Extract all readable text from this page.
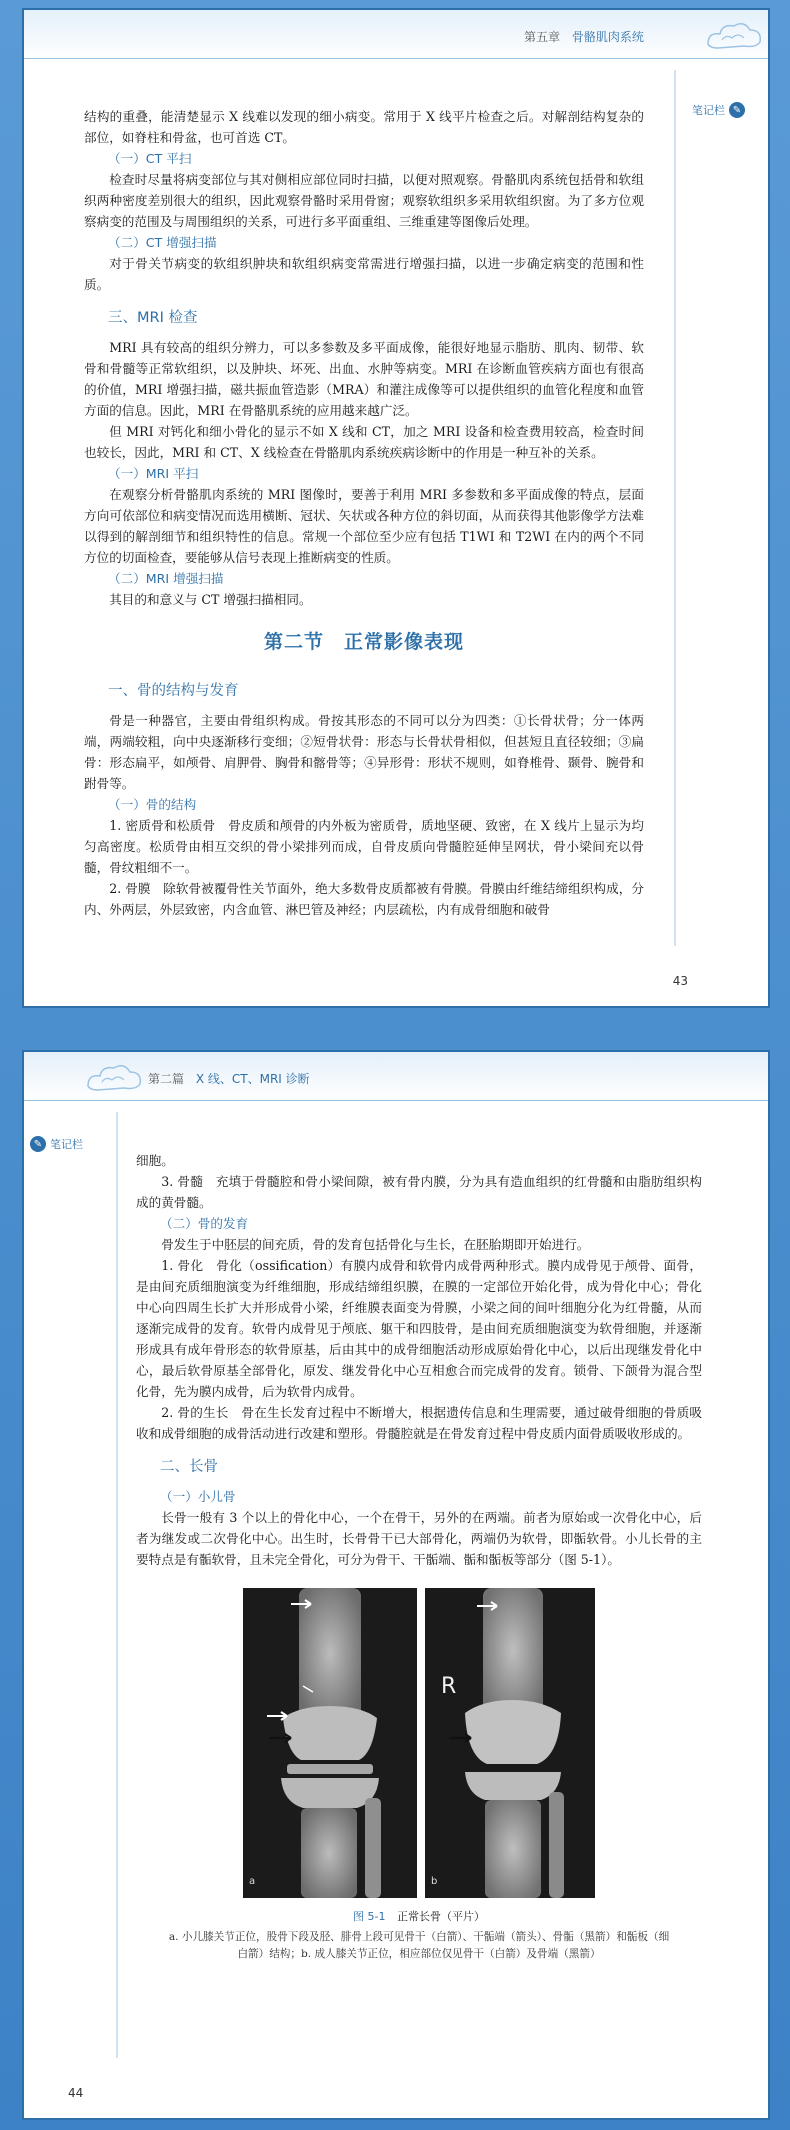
第五章 骨骼肌肉系统
笔记栏 ✎

结构的重叠，能清楚显示 X 线难以发现的细小病变。常用于 X 线平片检查之后。对解剖结构复杂的部位，如脊柱和骨盆，也可首选 CT。

（一）CT 平扫

检查时尽量将病变部位与其对侧相应部位同时扫描，以便对照观察。骨骼肌肉系统包括骨和软组织两种密度差别很大的组织，因此观察骨骼时采用骨窗；观察软组织多采用软组织窗。为了多方位观察病变的范围及与周围组织的关系，可进行多平面重组、三维重建等图像后处理。

（二）CT 增强扫描

对于骨关节病变的软组织肿块和软组织病变常需进行增强扫描，以进一步确定病变的范围和性质。

三、MRI 检查

MRI 具有较高的组织分辨力，可以多参数及多平面成像，能很好地显示脂肪、肌肉、韧带、软骨和骨髓等正常软组织，以及肿块、坏死、出血、水肿等病变。MRI 在诊断血管疾病方面也有很高的价值，MRI 增强扫描，磁共振血管造影（MRA）和灌注成像等可以提供组织的血管化程度和血管方面的信息。因此，MRI 在骨骼肌系统的应用越来越广泛。

但 MRI 对钙化和细小骨化的显示不如 X 线和 CT，加之 MRI 设备和检查费用较高，检查时间也较长，因此，MRI 和 CT、X 线检查在骨骼肌肉系统疾病诊断中的作用是一种互补的关系。

（一）MRI 平扫

在观察分析骨骼肌肉系统的 MRI 图像时，要善于利用 MRI 多参数和多平面成像的特点，层面方向可依部位和病变情况而选用横断、冠状、矢状或各种方位的斜切面，从而获得其他影像学方法难以得到的解剖细节和组织特性的信息。常规一个部位至少应有包括 T1WI 和 T2WI 在内的两个不同方位的切面检查，要能够从信号表现上推断病变的性质。

（二）MRI 增强扫描

其目的和意义与 CT 增强扫描相同。

第二节　正常影像表现
一、骨的结构与发育

骨是一种器官，主要由骨组织构成。骨按其形态的不同可以分为四类：①长骨状骨；分一体两端，两端较粗，向中央逐渐移行变细；②短骨状骨：形态与长骨状骨相似，但甚短且直径较细；③扁骨：形态扁平，如颅骨、肩胛骨、胸骨和髂骨等；④异形骨：形状不规则，如脊椎骨、颞骨、腕骨和跗骨等。

（一）骨的结构

1. 密质骨和松质骨　骨皮质和颅骨的内外板为密质骨，质地坚硬、致密，在 X 线片上显示为均匀高密度。松质骨由相互交织的骨小梁排列而成，自骨皮质向骨髓腔延伸呈网状，骨小梁间充以骨髓，骨纹粗细不一。

2. 骨膜　除软骨被覆骨性关节面外，绝大多数骨皮质都被有骨膜。骨膜由纤维结缔组织构成，分内、外两层，外层致密，内含血管、淋巴管及神经；内层疏松，内有成骨细胞和破骨

43
第二篇 X 线、CT、MRI 诊断
✎ 笔记栏

细胞。

3. 骨髓　充填于骨髓腔和骨小梁间隙，被有骨内膜，分为具有造血组织的红骨髓和由脂肪组织构成的黄骨髓。

（二）骨的发育

骨发生于中胚层的间充质，骨的发育包括骨化与生长，在胚胎期即开始进行。

1. 骨化　骨化（ossification）有膜内成骨和软骨内成骨两种形式。膜内成骨见于颅骨、面骨，是由间充质细胞演变为纤维细胞，形成结缔组织膜，在膜的一定部位开始化骨，成为骨化中心；骨化中心向四周生长扩大并形成骨小梁，纤维膜表面变为骨膜，小梁之间的间叶细胞分化为红骨髓，从而逐渐完成骨的发育。软骨内成骨见于颅底、躯干和四肢骨，是由间充质细胞演变为软骨细胞，并逐渐形成具有成年骨形态的软骨原基，后由其中的成骨细胞活动形成原始骨化中心，以后出现继发骨化中心，最后软骨原基全部骨化，原发、继发骨化中心互相愈合而完成骨的发育。锁骨、下颌骨为混合型化骨，先为膜内成骨，后为软骨内成骨。

2. 骨的生长　骨在生长发育过程中不断增大，根据遗传信息和生理需要，通过破骨细胞的骨质吸收和成骨细胞的成骨活动进行改建和塑形。骨髓腔就是在骨发育过程中骨皮质内面骨质吸收形成的。

二、长骨
（一）小儿骨

长骨一般有 3 个以上的骨化中心，一个在骨干，另外的在两端。前者为原始或一次骨化中心，后者为继发或二次骨化中心。出生时，长骨骨干已大部骨化，两端仍为软骨，即骺软骨。小儿长骨的主要特点是有骺软骨，且未完全骨化，可分为骨干、干骺端、骺和骺板等部分（图 5-1）。

a
R
b
图 5-1 正常长骨（平片）
a. 小儿膝关节正位，股骨下段及胫、腓骨上段可见骨干（白箭）、干骺端（箭头）、骨骺（黑箭）和骺板（细白箭）结构；b. 成人膝关节正位，相应部位仅见骨干（白箭）及骨端（黑箭）
44
